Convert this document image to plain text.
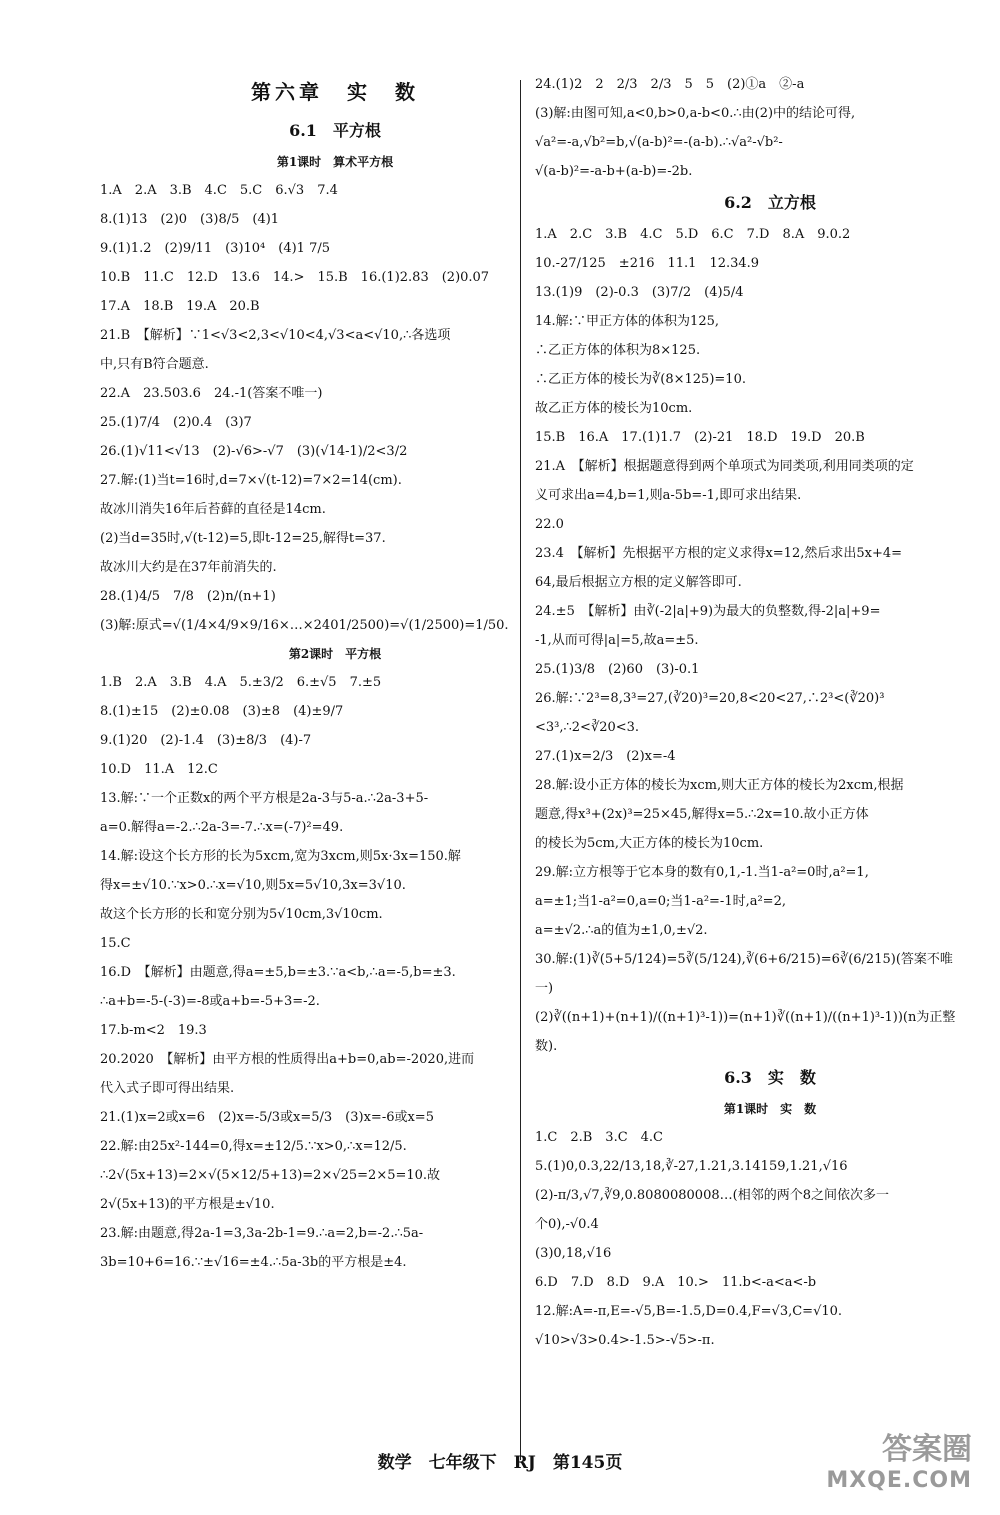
第六章　实　数
6.1　平方根
第1课时　算术平方根
1.A　2.A　3.B　4.C　5.C　6.√3　7.4
8.(1)13　(2)0　(3)8/5　(4)1
9.(1)1.2　(2)9/11　(3)10⁴　(4)1 7/5
10.B　11.C　12.D　13.6　14.>　15.B　16.(1)2.83　(2)0.07
17.A　18.B　19.A　20.B
21.B　【解析】∵1<√3<2,3<√10<4,√3<a<√10,∴各选项
中,只有B符合题意.
22.A　23.503.6　24.-1(答案不唯一)
25.(1)7/4　(2)0.4　(3)7
26.(1)√11<√13　(2)-√6>-√7　(3)(√14-1)/2<3/2
27.解:(1)当t=16时,d=7×√(t-12)=7×2=14(cm).
故冰川消失16年后苔藓的直径是14cm.
(2)当d=35时,√(t-12)=5,即t-12=25,解得t=37.
故冰川大约是在37年前消失的.
28.(1)4/5　7/8　(2)n/(n+1)
(3)解:原式=√(1/4×4/9×9/16×…×2401/2500)=√(1/2500)=1/50.
第2课时　平方根
1.B　2.A　3.B　4.A　5.±3/2　6.±√5　7.±5
8.(1)±15　(2)±0.08　(3)±8　(4)±9/7
9.(1)20　(2)-1.4　(3)±8/3　(4)-7
10.D　11.A　12.C
13.解:∵一个正数x的两个平方根是2a-3与5-a.∴2a-3+5-
a=0.解得a=-2.∴2a-3=-7.∴x=(-7)²=49.
14.解:设这个长方形的长为5xcm,宽为3xcm,则5x·3x=150.解
得x=±√10.∵x>0.∴x=√10,则5x=5√10,3x=3√10.
故这个长方形的长和宽分别为5√10cm,3√10cm.
15.C
16.D　【解析】由题意,得a=±5,b=±3.∵a<b,∴a=-5,b=±3.
∴a+b=-5-(-3)=-8或a+b=-5+3=-2.
17.b-m<2　19.3
20.2020　【解析】由平方根的性质得出a+b=0,ab=-2020,进而
代入式子即可得出结果.
21.(1)x=2或x=6　(2)x=-5/3或x=5/3　(3)x=-6或x=5
22.解:由25x²-144=0,得x=±12/5.∵x>0,∴x=12/5.
∴2√(5x+13)=2×√(5×12/5+13)=2×√25=2×5=10.故
2√(5x+13)的平方根是±√10.
23.解:由题意,得2a-1=3,3a-2b-1=9.∴a=2,b=-2.∴5a-
3b=10+6=16.∵±√16=±4.∴5a-3b的平方根是±4.
24.(1)2　2　2/3　2/3　5　5　(2)①a　②-a
(3)解:由图可知,a<0,b>0,a-b<0.∴由(2)中的结论可得,
√a²=-a,√b²=b,√(a-b)²=-(a-b).∴√a²-√b²-
√(a-b)²=-a-b+(a-b)=-2b.
6.2　立方根
1.A　2.C　3.B　4.C　5.D　6.C　7.D　8.A　9.0.2
10.-27/125　±216　11.1　12.34.9
13.(1)9　(2)-0.3　(3)7/2　(4)5/4
14.解:∵甲正方体的体积为125,
∴乙正方体的体积为8×125.
∴乙正方体的棱长为∛(8×125)=10.
故乙正方体的棱长为10cm.
15.B　16.A　17.(1)1.7　(2)-21　18.D　19.D　20.B
21.A　【解析】根据题意得到两个单项式为同类项,利用同类项的定
义可求出a=4,b=1,则a-5b=-1,即可求出结果.
22.0
23.4　【解析】先根据平方根的定义求得x=12,然后求出5x+4=
64,最后根据立方根的定义解答即可.
24.±5　【解析】由∛(-2|a|+9)为最大的负整数,得-2|a|+9=
-1,从而可得|a|=5,故a=±5.
25.(1)3/8　(2)60　(3)-0.1
26.解:∵2³=8,3³=27,(∛20)³=20,8<20<27,∴2³<(∛20)³
<3³,∴2<∛20<3.
27.(1)x=2/3　(2)x=-4
28.解:设小正方体的棱长为xcm,则大正方体的棱长为2xcm,根据
题意,得x³+(2x)³=25×45,解得x=5.∴2x=10.故小正方体
的棱长为5cm,大正方体的棱长为10cm.
29.解:立方根等于它本身的数有0,1,-1.当1-a²=0时,a²=1,
a=±1;当1-a²=0,a=0;当1-a²=-1时,a²=2,
a=±√2.∴a的值为±1,0,±√2.
30.解:(1)∛(5+5/124)=5∛(5/124),∛(6+6/215)=6∛(6/215)(答案不唯一)
(2)∛((n+1)+(n+1)/((n+1)³-1))=(n+1)∛((n+1)/((n+1)³-1))(n为正整数).
6.3　实　数
第1课时　实　数
1.C　2.B　3.C　4.C
5.(1)0,0.3,22/13,18,∛-27,1.21,3.14159,1.21,√16
(2)-π/3,√7,∛9,0.8080080008…(相邻的两个8之间依次多一
个0),-√0.4
(3)0,18,√16
6.D　7.D　8.D　9.A　10.>　11.b<-a<a<-b
12.解:A=-π,E=-√5,B=-1.5,D=0.4,F=√3,C=√10.
√10>√3>0.4>-1.5>-√5>-π.
数学　七年级下　RJ　第145页	答案圈
MXQE.COM
